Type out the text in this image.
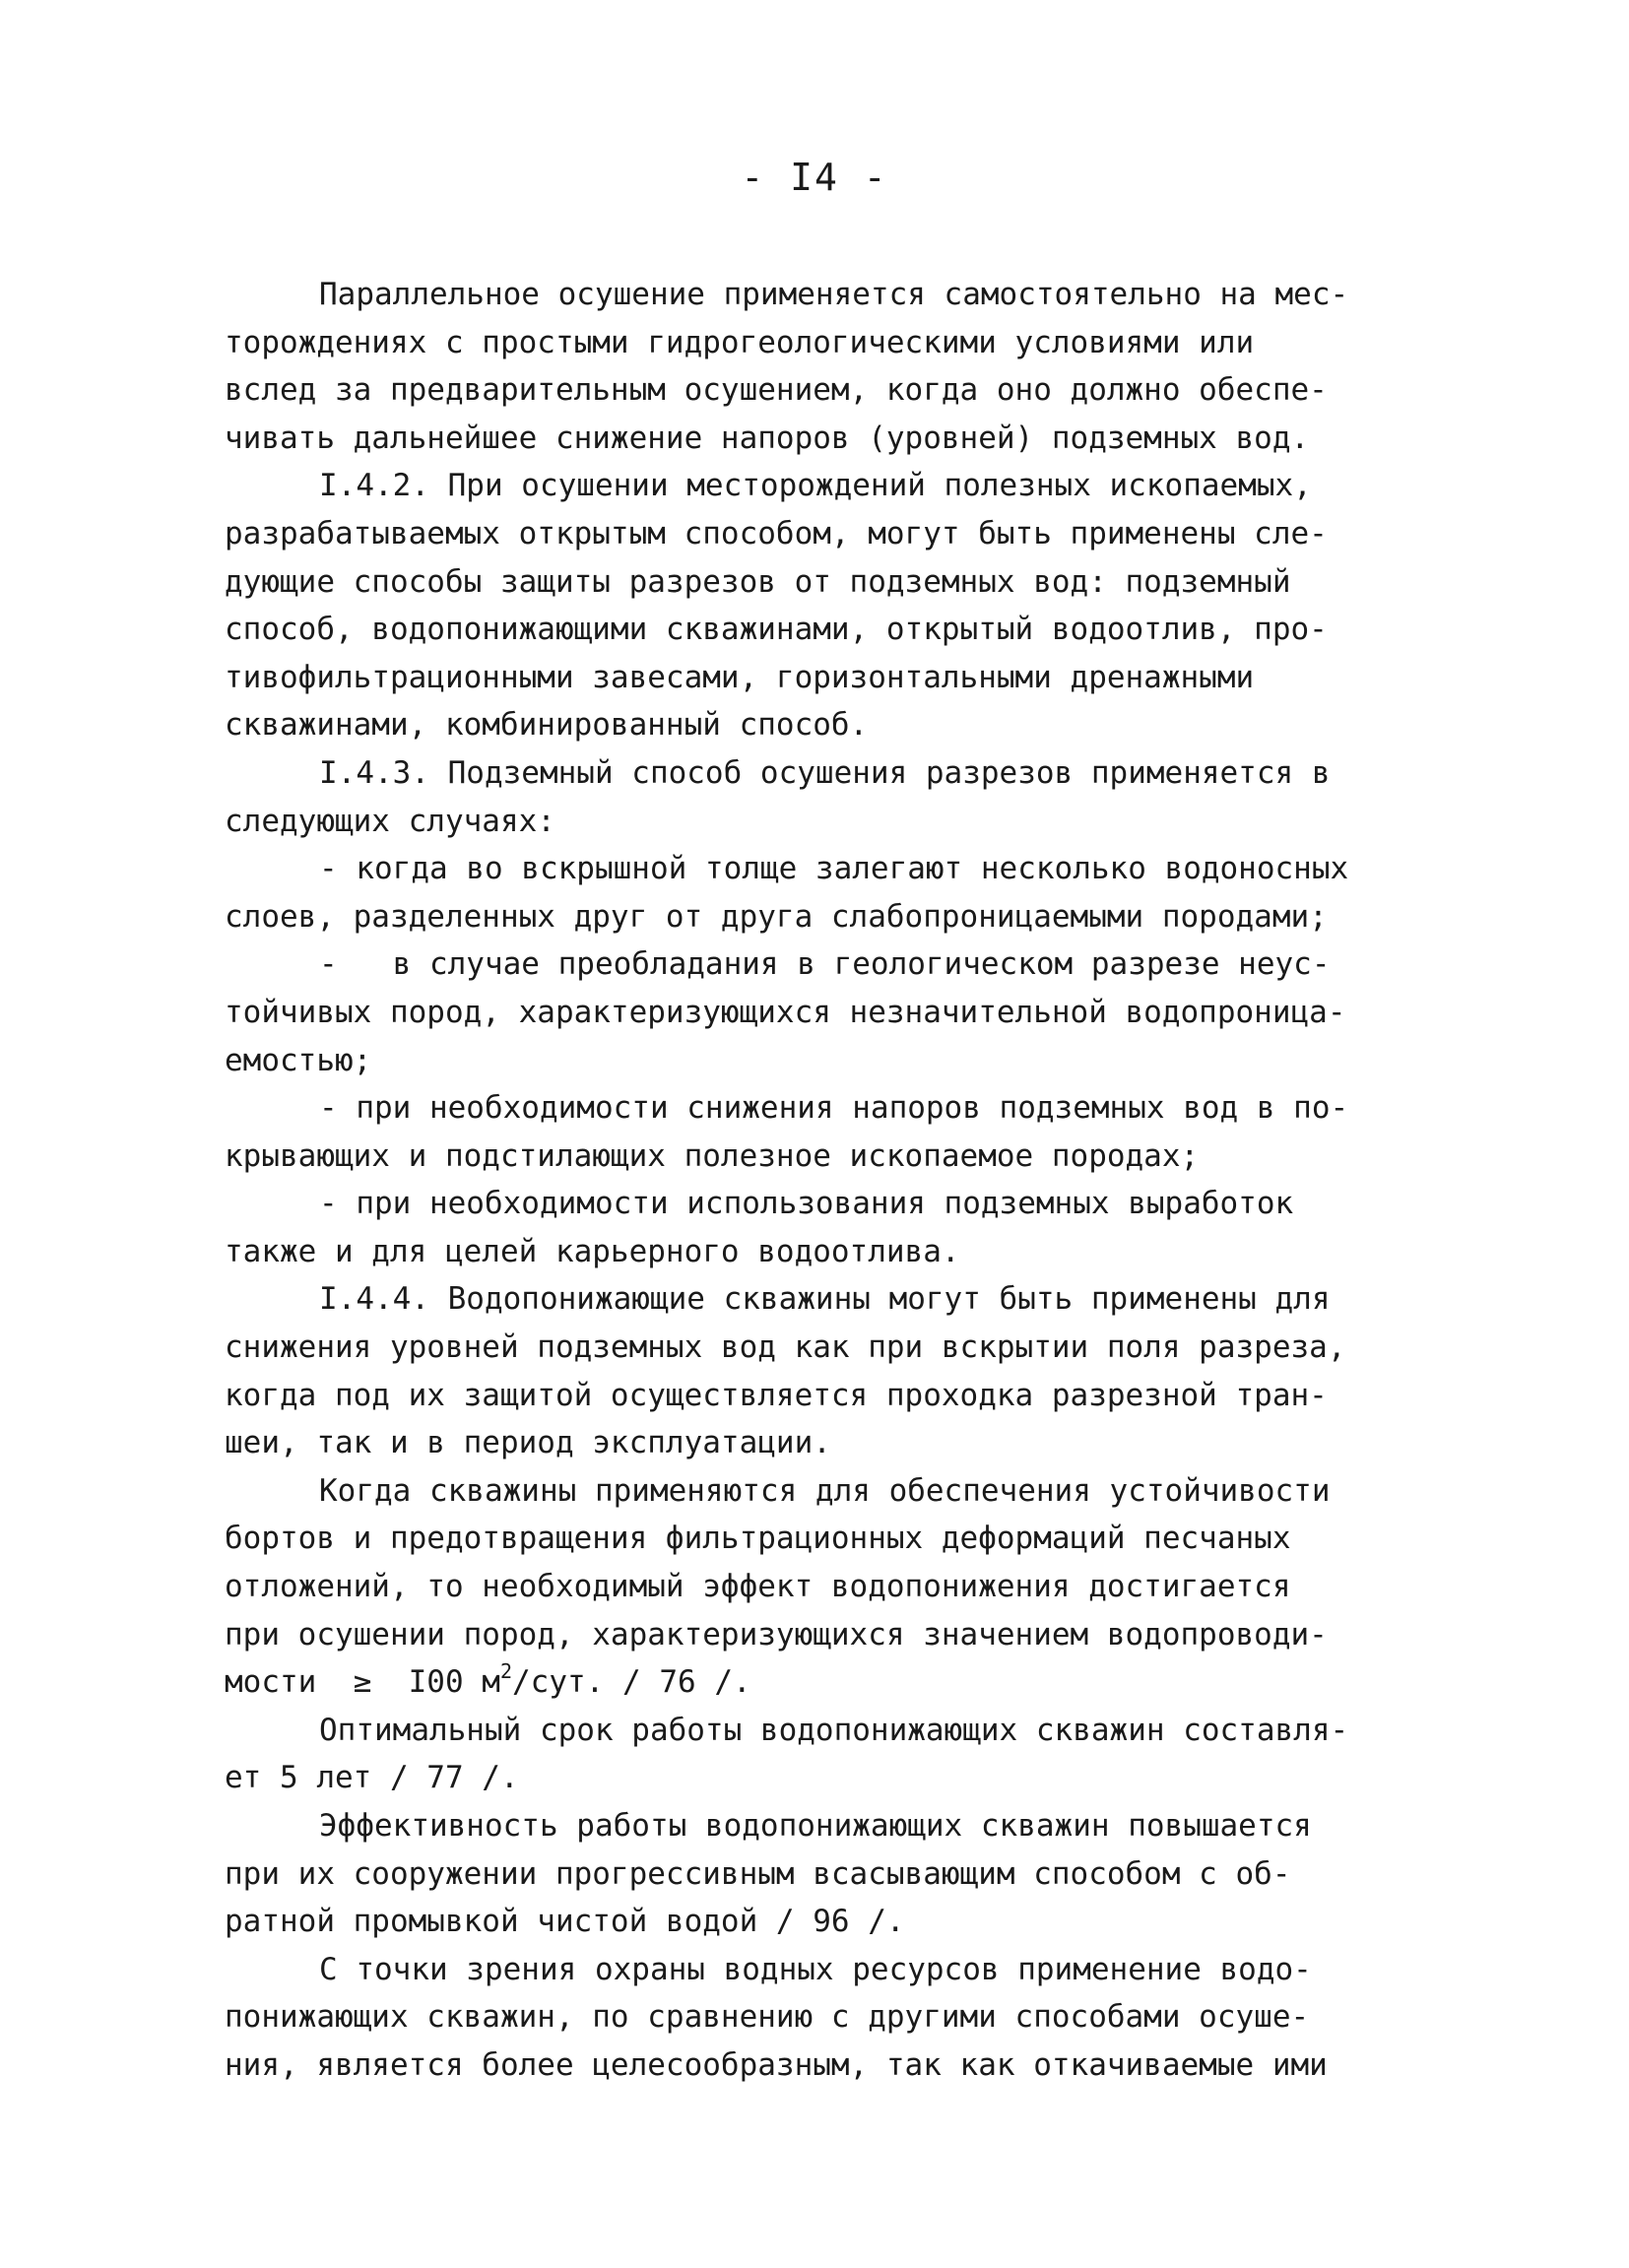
- I4 -
Параллельное осушение применяется самостоятельно на мес-
торождениях с простыми гидрогеологическими условиями или
вслед за предварительным осушением, когда оно должно обеспе-
чивать дальнейшее снижение напоров (уровней) подземных вод.
I.4.2. При осушении месторождений полезных ископаемых,
разрабатываемых открытым способом, могут быть применены сле-
дующие способы защиты разрезов от подземных вод: подземный
способ, водопонижающими скважинами, открытый водоотлив, про-
тивофильтрационными завесами, горизонтальными дренажными
скважинами, комбинированный способ.
I.4.3. Подземный способ осушения разрезов применяется в
следующих случаях:
- когда во вскрышной толще залегают несколько водоносных
слоев, разделенных друг от друга слабопроницаемыми породами;
-   в случае преобладания в геологическом разрезе неус-
тойчивых пород, характеризующихся незначительной водопроница-
емостью;
- при необходимости снижения напоров подземных вод в по-
крывающих и подстилающих полезное ископаемое породах;
- при необходимости использования подземных выработок
также и для целей карьерного водоотлива.
I.4.4. Водопонижающие скважины могут быть применены для
снижения уровней подземных вод как при вскрытии поля разреза,
когда под их защитой осуществляется проходка разрезной тран-
шеи, так и в период эксплуатации.
Когда скважины применяются для обеспечения устойчивости
бортов и предотвращения фильтрационных деформаций песчаных
отложений, то необходимый эффект водопонижения достигается
при осушении пород, характеризующихся значением водопроводи-
мости  ≥  I00 $м^2$/сут. / 76 /.
Оптимальный срок работы водопонижающих скважин составля-
ет 5 лет / 77 /.
Эффективность работы водопонижающих скважин повышается
при их сооружении прогрессивным всасывающим способом с об-
ратной промывкой чистой водой / 96 /.
С точки зрения охраны водных ресурсов применение водо-
понижающих скважин, по сравнению с другими способами осуше-
ния, является более целесообразным, так как откачиваемые ими
